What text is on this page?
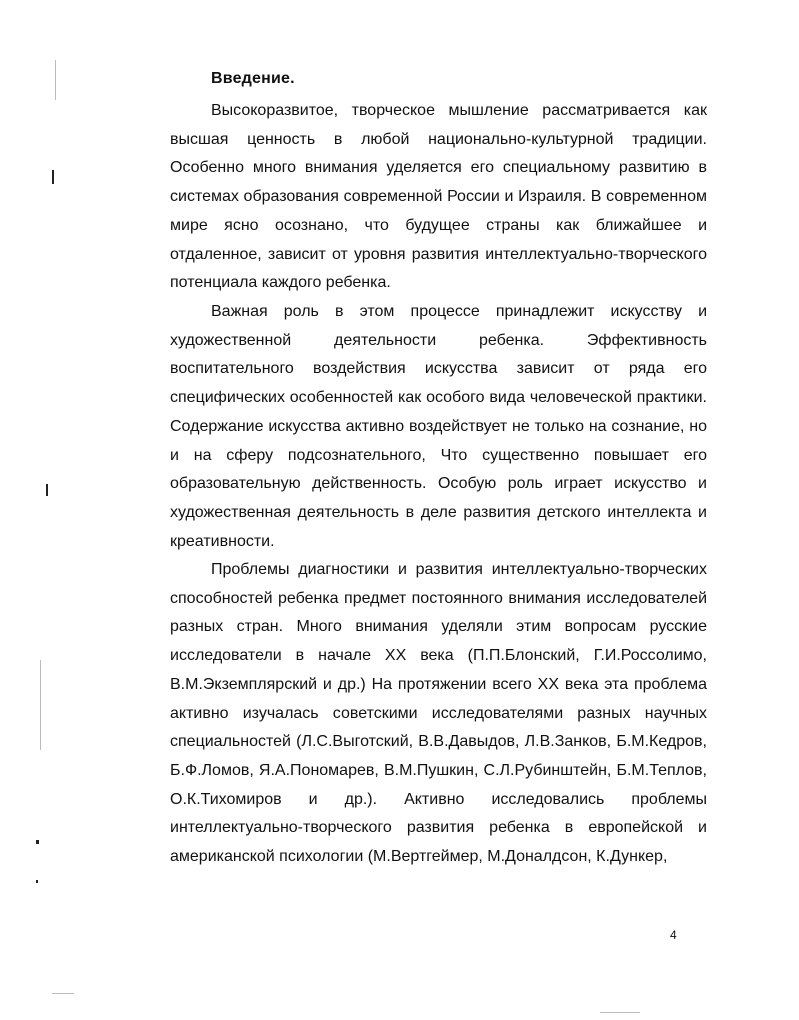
Введение.

Высокоразвитое, творческое мышление рассматривается как высшая ценность в любой национально-культурной традиции. Особенно много внимания уделяется его специальному развитию в системах образования современной России и Израиля. В современном мире ясно осознано, что будущее страны как ближайшее и отдаленное, зависит от уровня развития интеллектуально-творческого потенциала каждого ребенка.

Важная роль в этом процессе принадлежит искусству и художественной деятельности ребенка. Эффективность воспитательного воздействия искусства зависит от ряда его специфических особенностей как особого вида человеческой практики. Содержание искусства активно воздействует не только на сознание, но и на сферу подсознательного, Что существенно повышает его образовательную действенность. Особую роль играет искусство и художественная деятельность в деле развития детского интеллекта и креативности.

Проблемы диагностики и развития интеллектуально-творческих способностей ребенка предмет постоянного внимания исследователей разных стран. Много внимания уделяли этим вопросам русские исследователи в начале XX века (П.П.Блонский, Г.И.Россолимо, В.М.Экземплярский и др.) На протяжении всего XX века эта проблема активно изучалась советскими исследователями разных научных специальностей (Л.С.Выготский, В.В.Давыдов, Л.В.Занков, Б.М.Кедров, Б.Ф.Ломов, Я.А.Пономарев, В.М.Пушкин, С.Л.Рубинштейн, Б.М.Теплов, О.К.Тихомиров и др.). Активно исследовались проблемы интеллектуально-творческого развития ребенка в европейской и американской психологии (М.Вертгеймер, М.Доналдсон, К.Дункер,

4
